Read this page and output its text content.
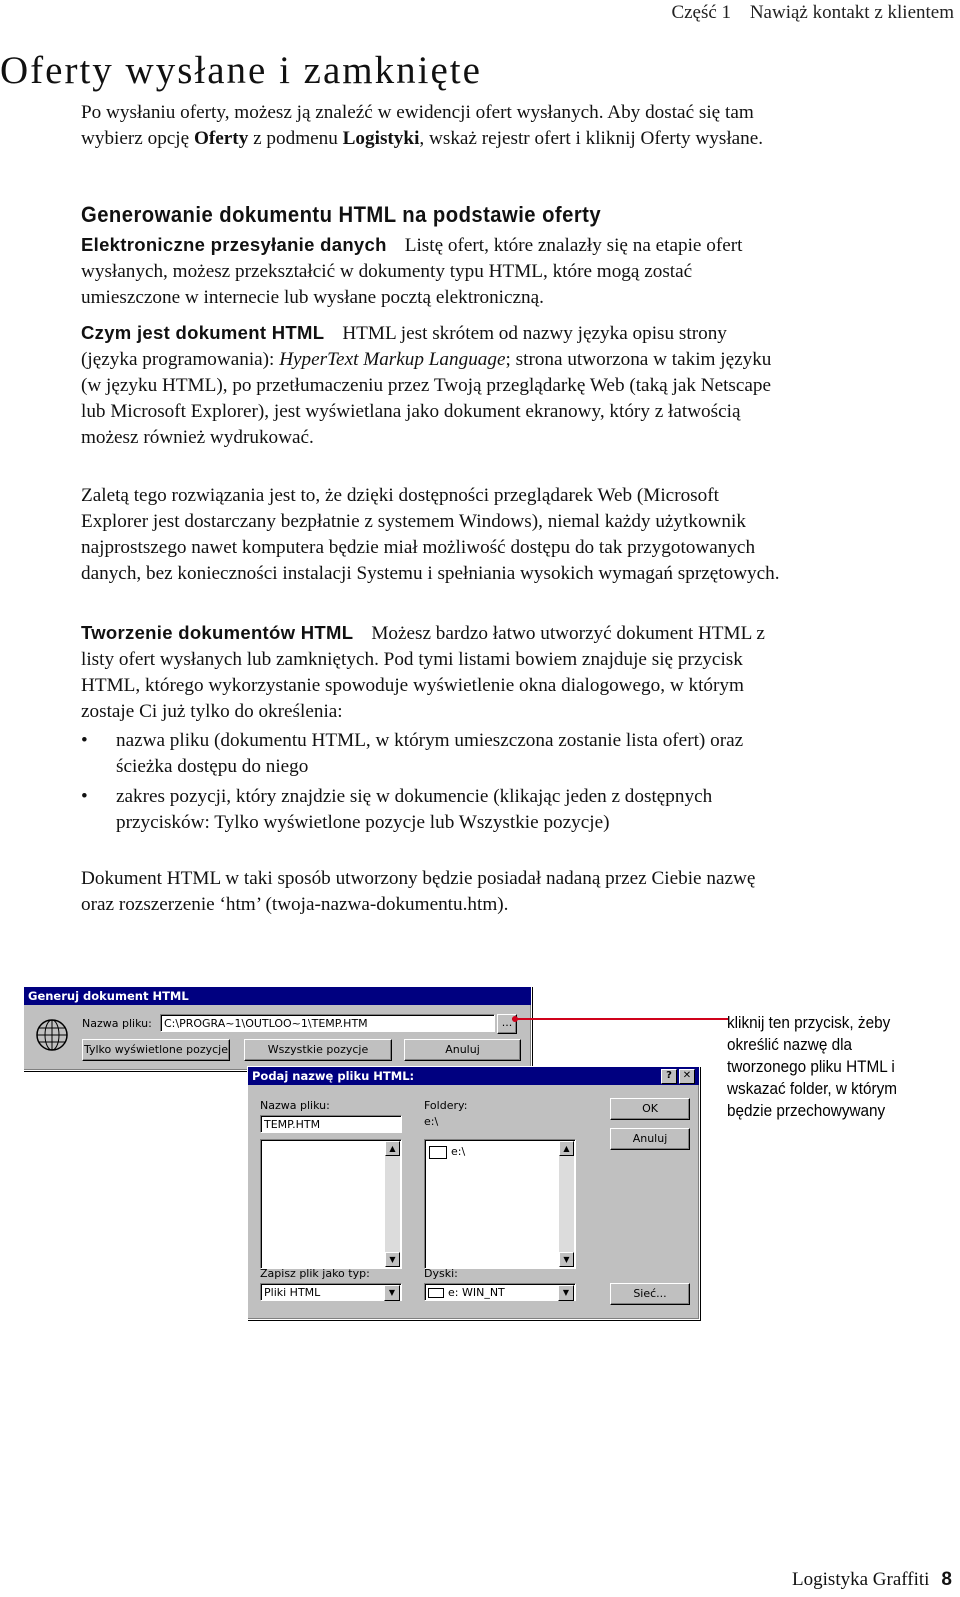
Część 1 Nawiąż kontakt z klientem
Oferty wysłane i zamknięte
Po wysłaniu oferty, możesz ją znaleźć w ewidencji ofert wysłanych. Aby dostać się tam wybierz opcję Oferty z podmenu Logistyki, wskaż rejestr ofert i kliknij Oferty wysłane.
Generowanie dokumentu HTML na podstawie oferty
Elektroniczne przesyłanie danych Listę ofert, które znalazły się na etapie ofert wysłanych, możesz przekształcić w dokumenty typu HTML, które mogą zostać umieszczone w internecie lub wysłane pocztą elektroniczną.
Czym jest dokument HTML HTML jest skrótem od nazwy języka opisu strony (języka programowania): HyperText Markup Language; strona utworzona w takim języku (w języku HTML), po przetłumaczeniu przez Twoją przeglądarkę Web (taką jak Netscape lub Microsoft Explorer), jest wyświetlana jako dokument ekranowy, który z łatwością możesz również wydrukować.
Zaletą tego rozwiązania jest to, że dzięki dostępności przeglądarek Web (Microsoft Explorer jest dostarczany bezpłatnie z systemem Windows), niemal każdy użytkownik najprostszego nawet komputera będzie miał możliwość dostępu do tak przygotowanych danych, bez konieczności instalacji Systemu i spełniania wysokich wymagań sprzętowych.
Tworzenie dokumentów HTML Możesz bardzo łatwo utworzyć dokument HTML z listy ofert wysłanych lub zamkniętych. Pod tymi listami bowiem znajduje się przycisk HTML, którego wykorzystanie spowoduje wyświetlenie okna dialogowego, w którym zostaje Ci już tylko do określenia:
• nazwa pliku (dokumentu HTML, w którym umieszczona zostanie lista ofert) oraz ścieżka dostępu do niego
• zakres pozycji, który znajdzie się w dokumencie (klikając jeden z dostępnych przycisków: Tylko wyświetlone pozycje lub Wszystkie pozycje)
Dokument HTML w taki sposób utworzony będzie posiadał nadaną przez Ciebie nazwę oraz rozszerzenie ‘htm’ (twoja-nazwa-dokumentu.htm).
Generuj dokument HTML
Nazwa pliku:	C:\PROGRA~1\OUTLOO~1\TEMP.HTM	...
Tylko wyświetlone pozycje	Wszystkie pozycje	Anuluj
Podaj nazwę pliku HTML:	?	✕
Nazwa pliku:
TEMP.HTM
▲
▼
Foldery:
e:\
e:\	▲
▼
Zapisz plik jako typ:
Pliki HTML	▼
Dyski:
e: WIN_NT	▼
OK
Anuluj
Sieć...
kliknij ten przycisk, żeby określić nazwę dla tworzonego pliku HTML i wskazać folder, w którym będzie przechowywany
Logistyka Graffiti 8
